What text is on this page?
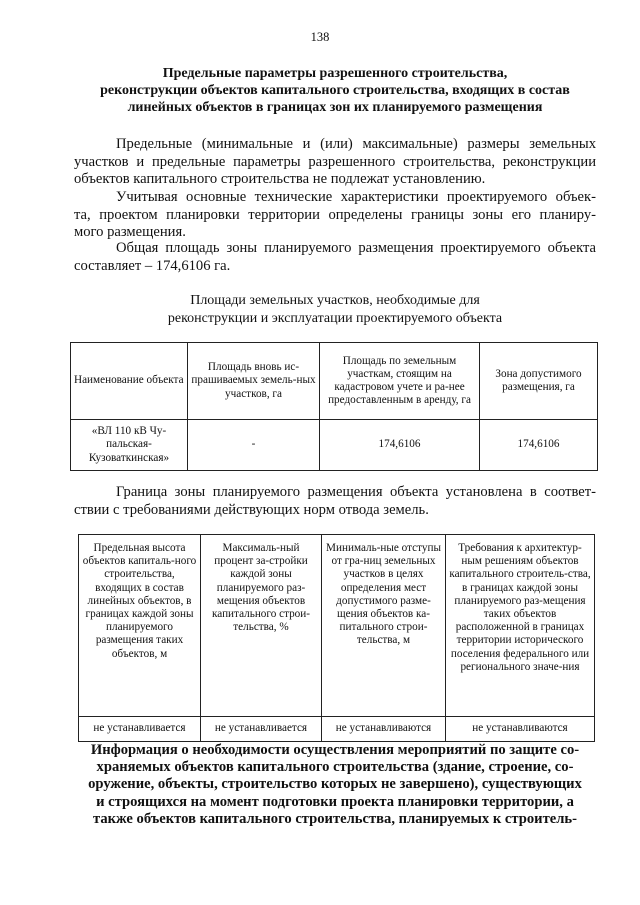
138
Предельные параметры разрешенного строительства,
реконструкции объектов капитального строительства, входящих в состав
линейных объектов в границах зон их планируемого размещения
Предельные (минимальные и (или) максимальные) размеры земельных
участков и предельные параметры разрешенного строительства, реконструкции
объектов капитального строительства не подлежат установлению.
Учитывая основные технические характеристики проектируемого объек-
та, проектом планировки территории определены границы зоны его планиру-
мого размещения.
Общая площадь зоны планируемого размещения проектируемого объекта
составляет – 174,6106 га.
Площади земельных участков, необходимые для
реконструкции и эксплуатации проектируемого объекта
Наименование объекта	Площадь вновь ис-прашиваемых земель-ных участков, га	Площадь по земельным участкам, стоящим на кадастровом учете и ра-нее предоставленным в аренду, га	Зона допустимого размещения, га
«ВЛ 110 кВ Чу-пальская-Кузоваткинская»	-	174,6106	174,6106
Граница зоны планируемого размещения объекта установлена в соответ-
ствии с требованиями действующих норм отвода земель.
Предельная высота объектов капиталь-ного строительства, входящих в состав линейных объектов, в границах каждой зоны планируемого размещения таких объектов, м	Максималь-ный процент за-стройки каждой зоны планируемого раз-мещения объектов капитального строи-тельства, %	Минималь-ные отступы от гра-ниц земельных участков в целях определения мест допустимого разме-щения объектов ка-питального строи-тельства, м	Требования к архитектур-ным решениям объектов капитального строитель-ства, в границах каждой зоны планируемого раз-мещения таких объектов расположенной в границах территории исторического поселения федерального или регионального значе-ния
не устанавливается	не устанавливается	не устанавливаются	не устанавливаются
Информация о необходимости осуществления мероприятий по защите со-
храняемых объектов капитального строительства (здание, строение, со-
оружение, объекты, строительство которых не завершено), существующих
и строящихся на момент подготовки проекта планировки территории, а
также объектов капитального строительства, планируемых к строитель-
